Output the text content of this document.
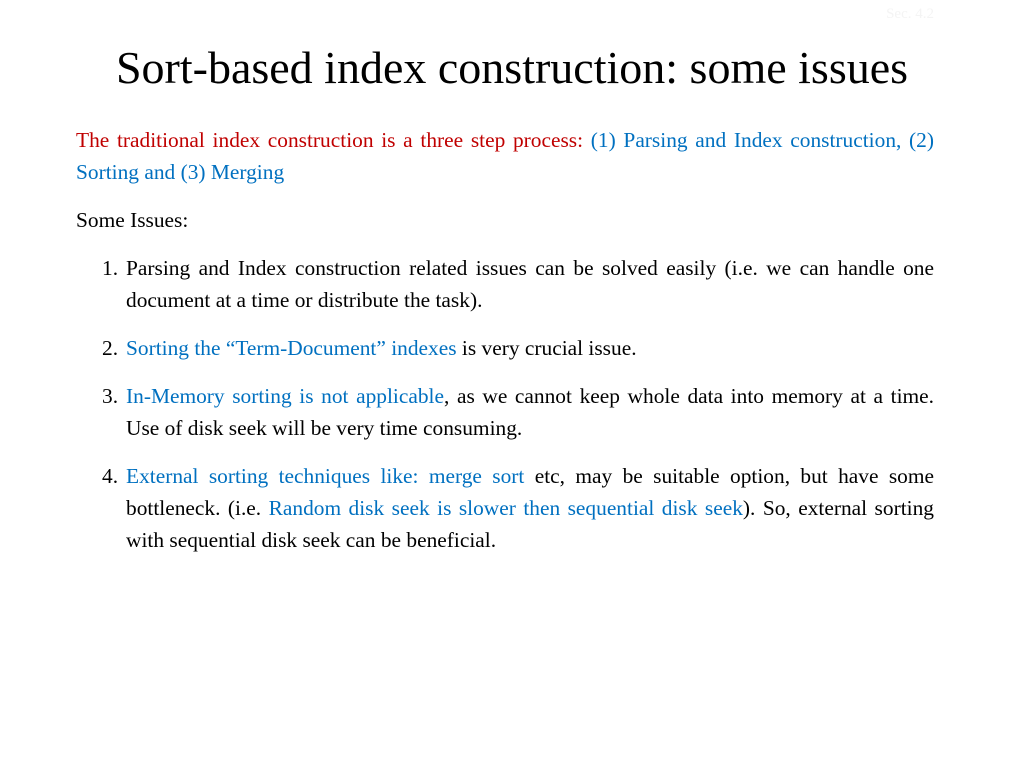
Sec. 4.2
Sort-based index construction: some issues

The traditional index construction is a three step process: (1) Parsing and Index construction, (2) Sorting and (3) Merging

Some Issues:
1. Parsing and Index construction related issues can be solved easily (i.e. we can handle one document at a time or distribute the task).
2. Sorting the “Term-Document” indexes is very crucial issue.
3. In-Memory sorting is not applicable, as we cannot keep whole data into memory at a time. Use of disk seek will be very time consuming.
4. External sorting techniques like: merge sort etc, may be suitable option, but have some bottleneck. (i.e. Random disk seek is slower then sequential disk seek). So, external sorting with sequential disk seek can be beneficial.
